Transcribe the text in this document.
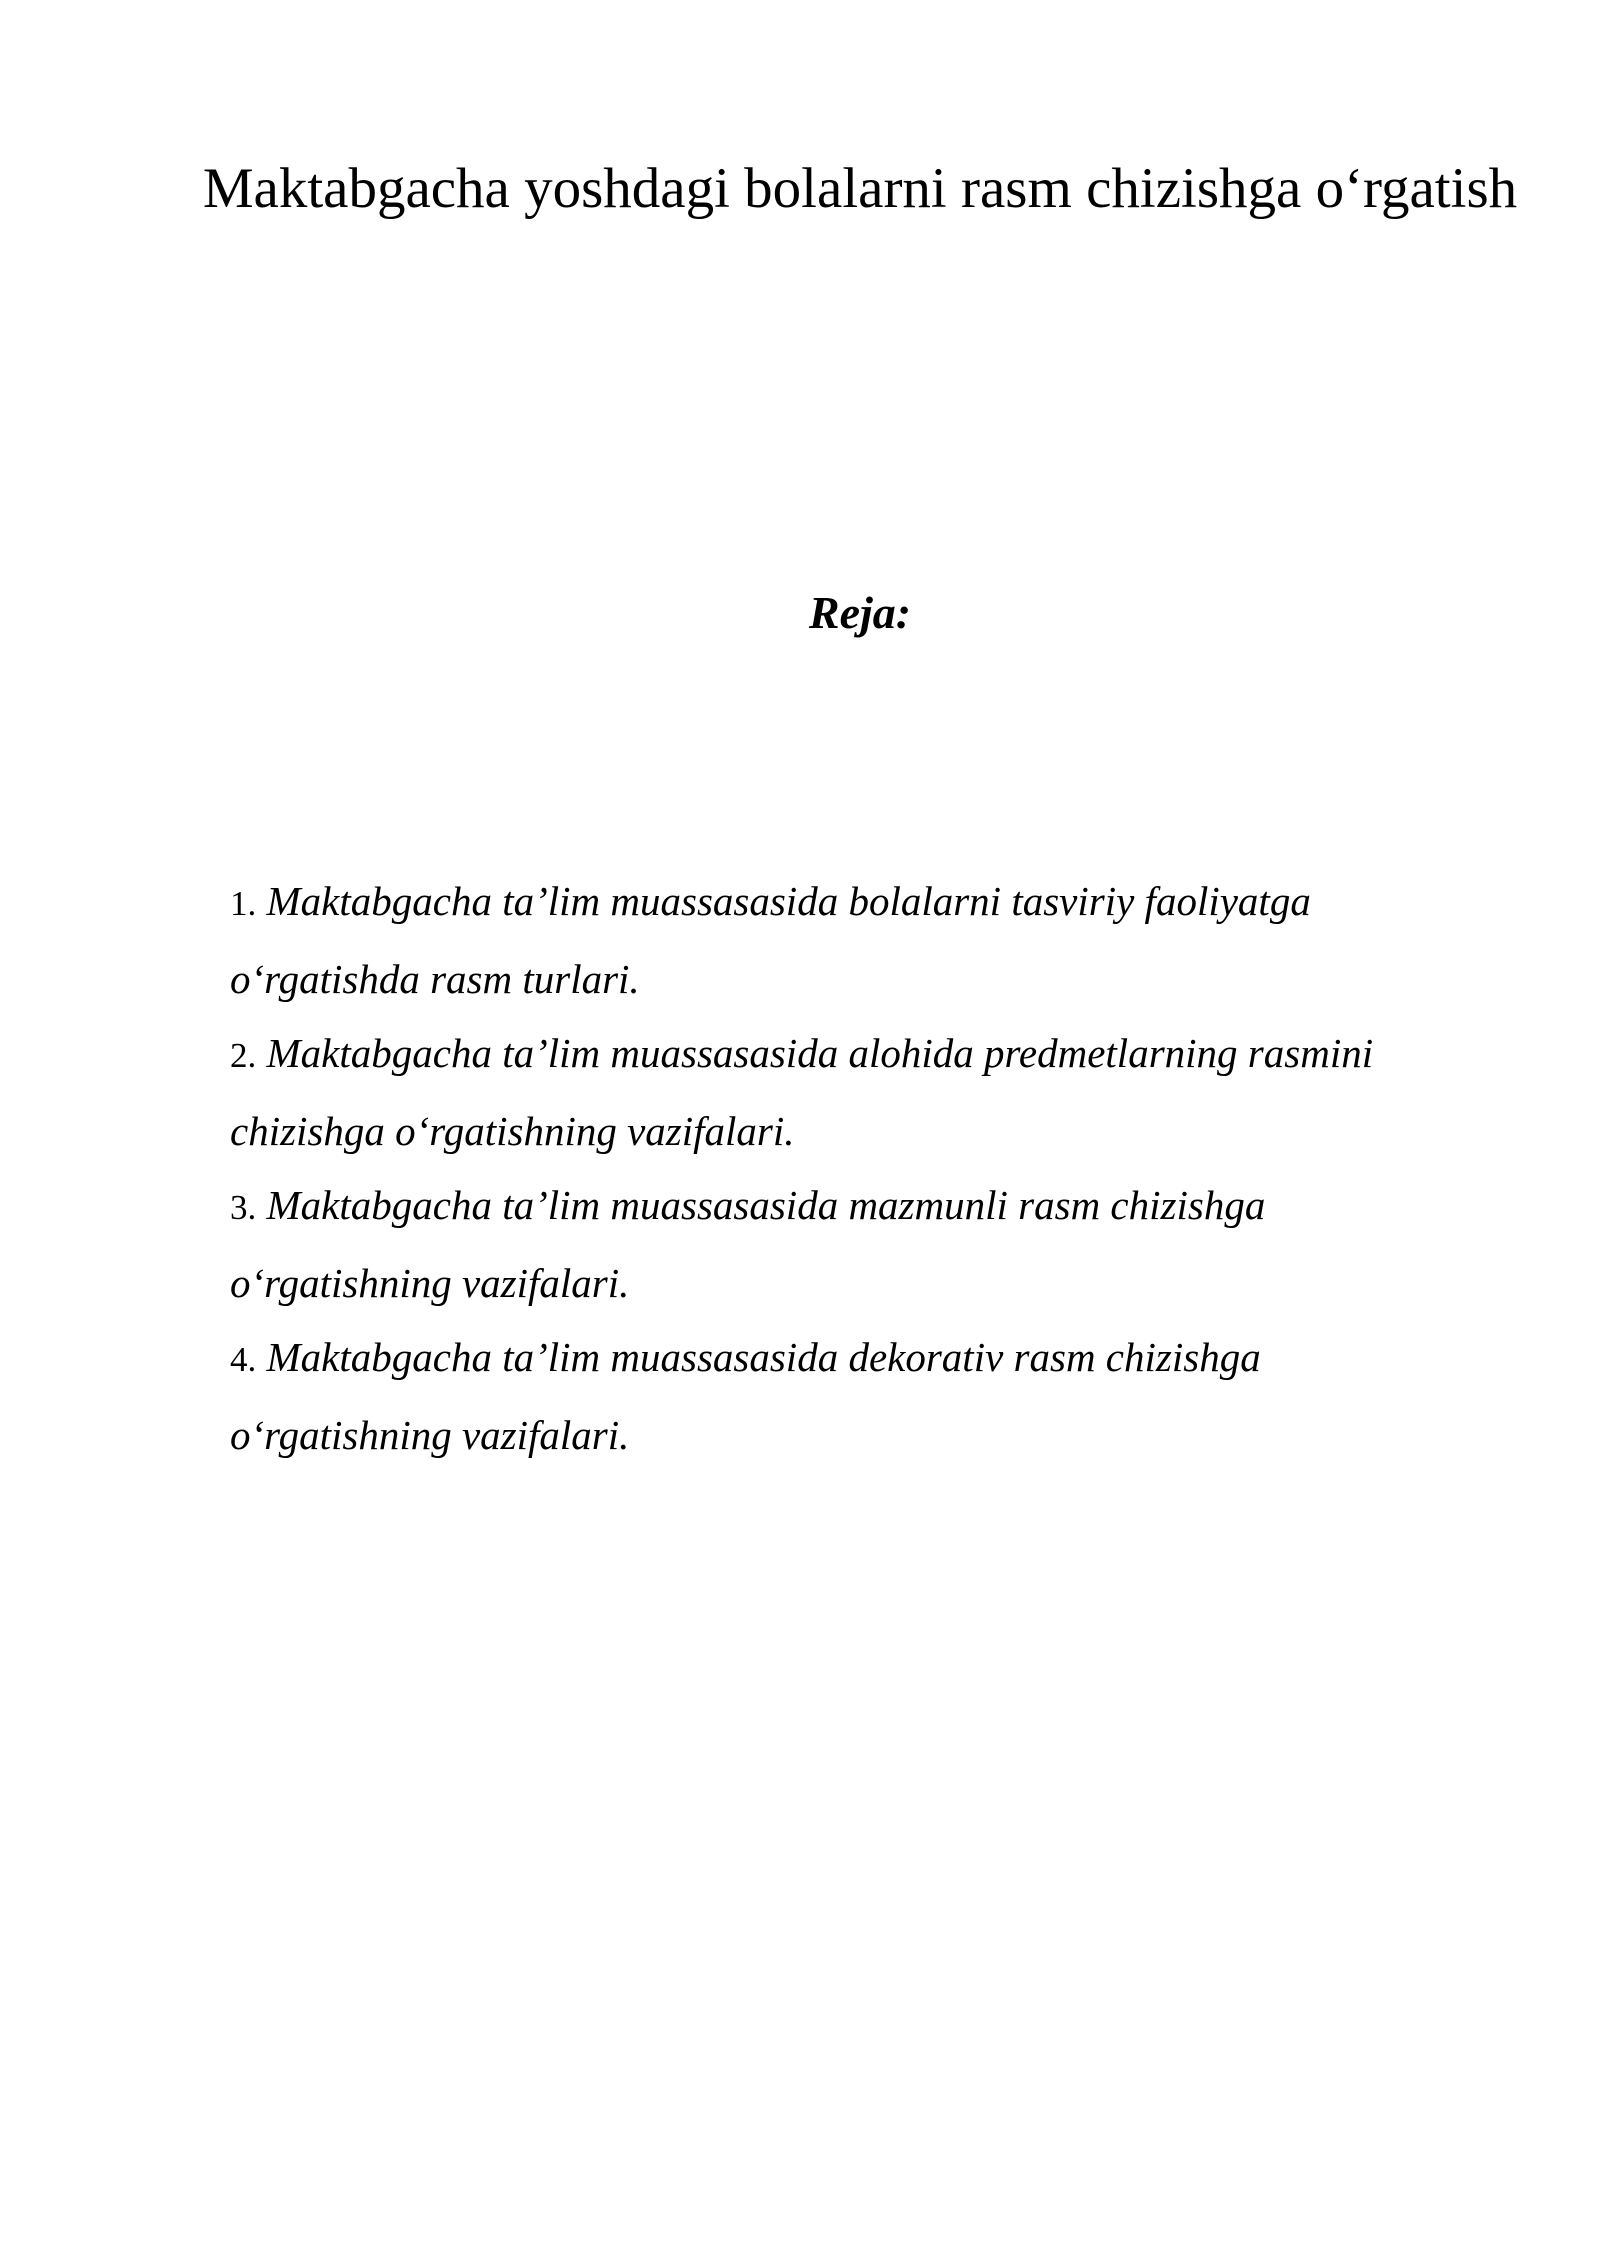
Maktabgacha yoshdagi bolalarni rasm chizishga o‘rgatish
Reja:
1. Maktabgacha ta’lim muassasasida bolalarni tasviriy faoliyatga o‘rgatishda rasm turlari.
2. Maktabgacha ta’lim muassasasida alohida predmetlarning rasmini chizishga o‘rgatishning vazifalari.
3. Maktabgacha ta’lim muassasasida mazmunli rasm chizishga o‘rgatishning vazifalari.
4. Maktabgacha ta’lim muassasasida dekorativ rasm chizishga o‘rgatishning vazifalari.
